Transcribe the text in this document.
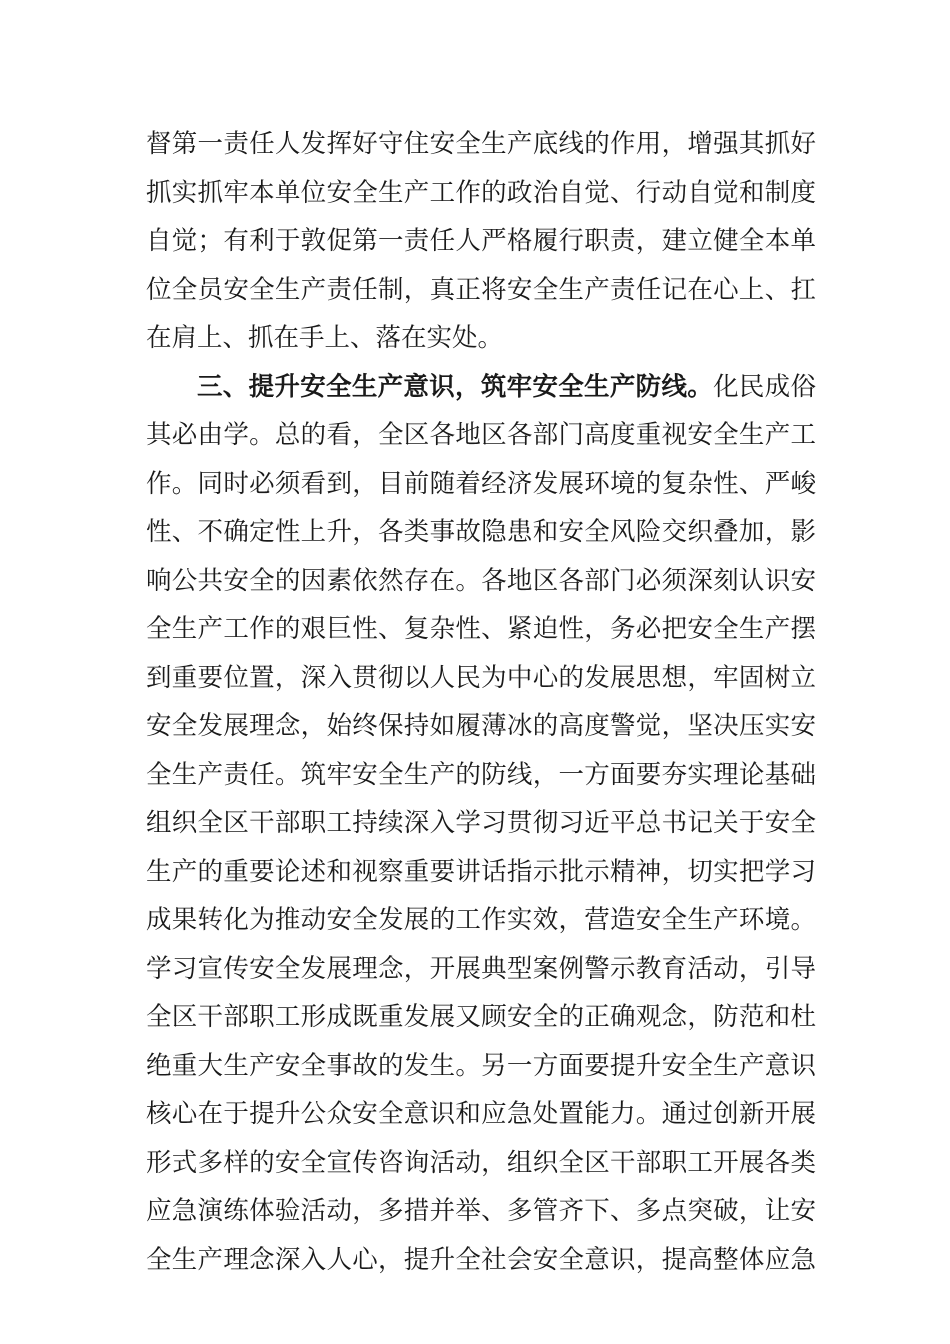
督第一责任人发挥好守住安全生产底线的作用，增强其抓好
抓实抓牢本单位安全生产工作的政治自觉、行动自觉和制度
自觉；有利于敦促第一责任人严格履行职责，建立健全本单
位全员安全生产责任制，真正将安全生产责任记在心上、扛
在肩上、抓在手上、落在实处。
三、提升安全生产意识，筑牢安全生产防线。化民成俗
其必由学。总的看，全区各地区各部门高度重视安全生产工
作。同时必须看到，目前随着经济发展环境的复杂性、严峻
性、不确定性上升，各类事故隐患和安全风险交织叠加，影
响公共安全的因素依然存在。各地区各部门必须深刻认识安
全生产工作的艰巨性、复杂性、紧迫性，务必把安全生产摆
到重要位置，深入贯彻以人民为中心的发展思想，牢固树立
安全发展理念，始终保持如履薄冰的高度警觉，坚决压实安
全生产责任。筑牢安全生产的防线，一方面要夯实理论基础
组织全区干部职工持续深入学习贯彻习近平总书记关于安全
生产的重要论述和视察重要讲话指示批示精神，切实把学习
成果转化为推动安全发展的工作实效，营造安全生产环境。
学习宣传安全发展理念，开展典型案例警示教育活动，引导
全区干部职工形成既重发展又顾安全的正确观念，防范和杜
绝重大生产安全事故的发生。另一方面要提升安全生产意识
核心在于提升公众安全意识和应急处置能力。通过创新开展
形式多样的安全宣传咨询活动，组织全区干部职工开展各类
应急演练体验活动，多措并举、多管齐下、多点突破，让安
全生产理念深入人心，提升全社会安全意识，提高整体应急
